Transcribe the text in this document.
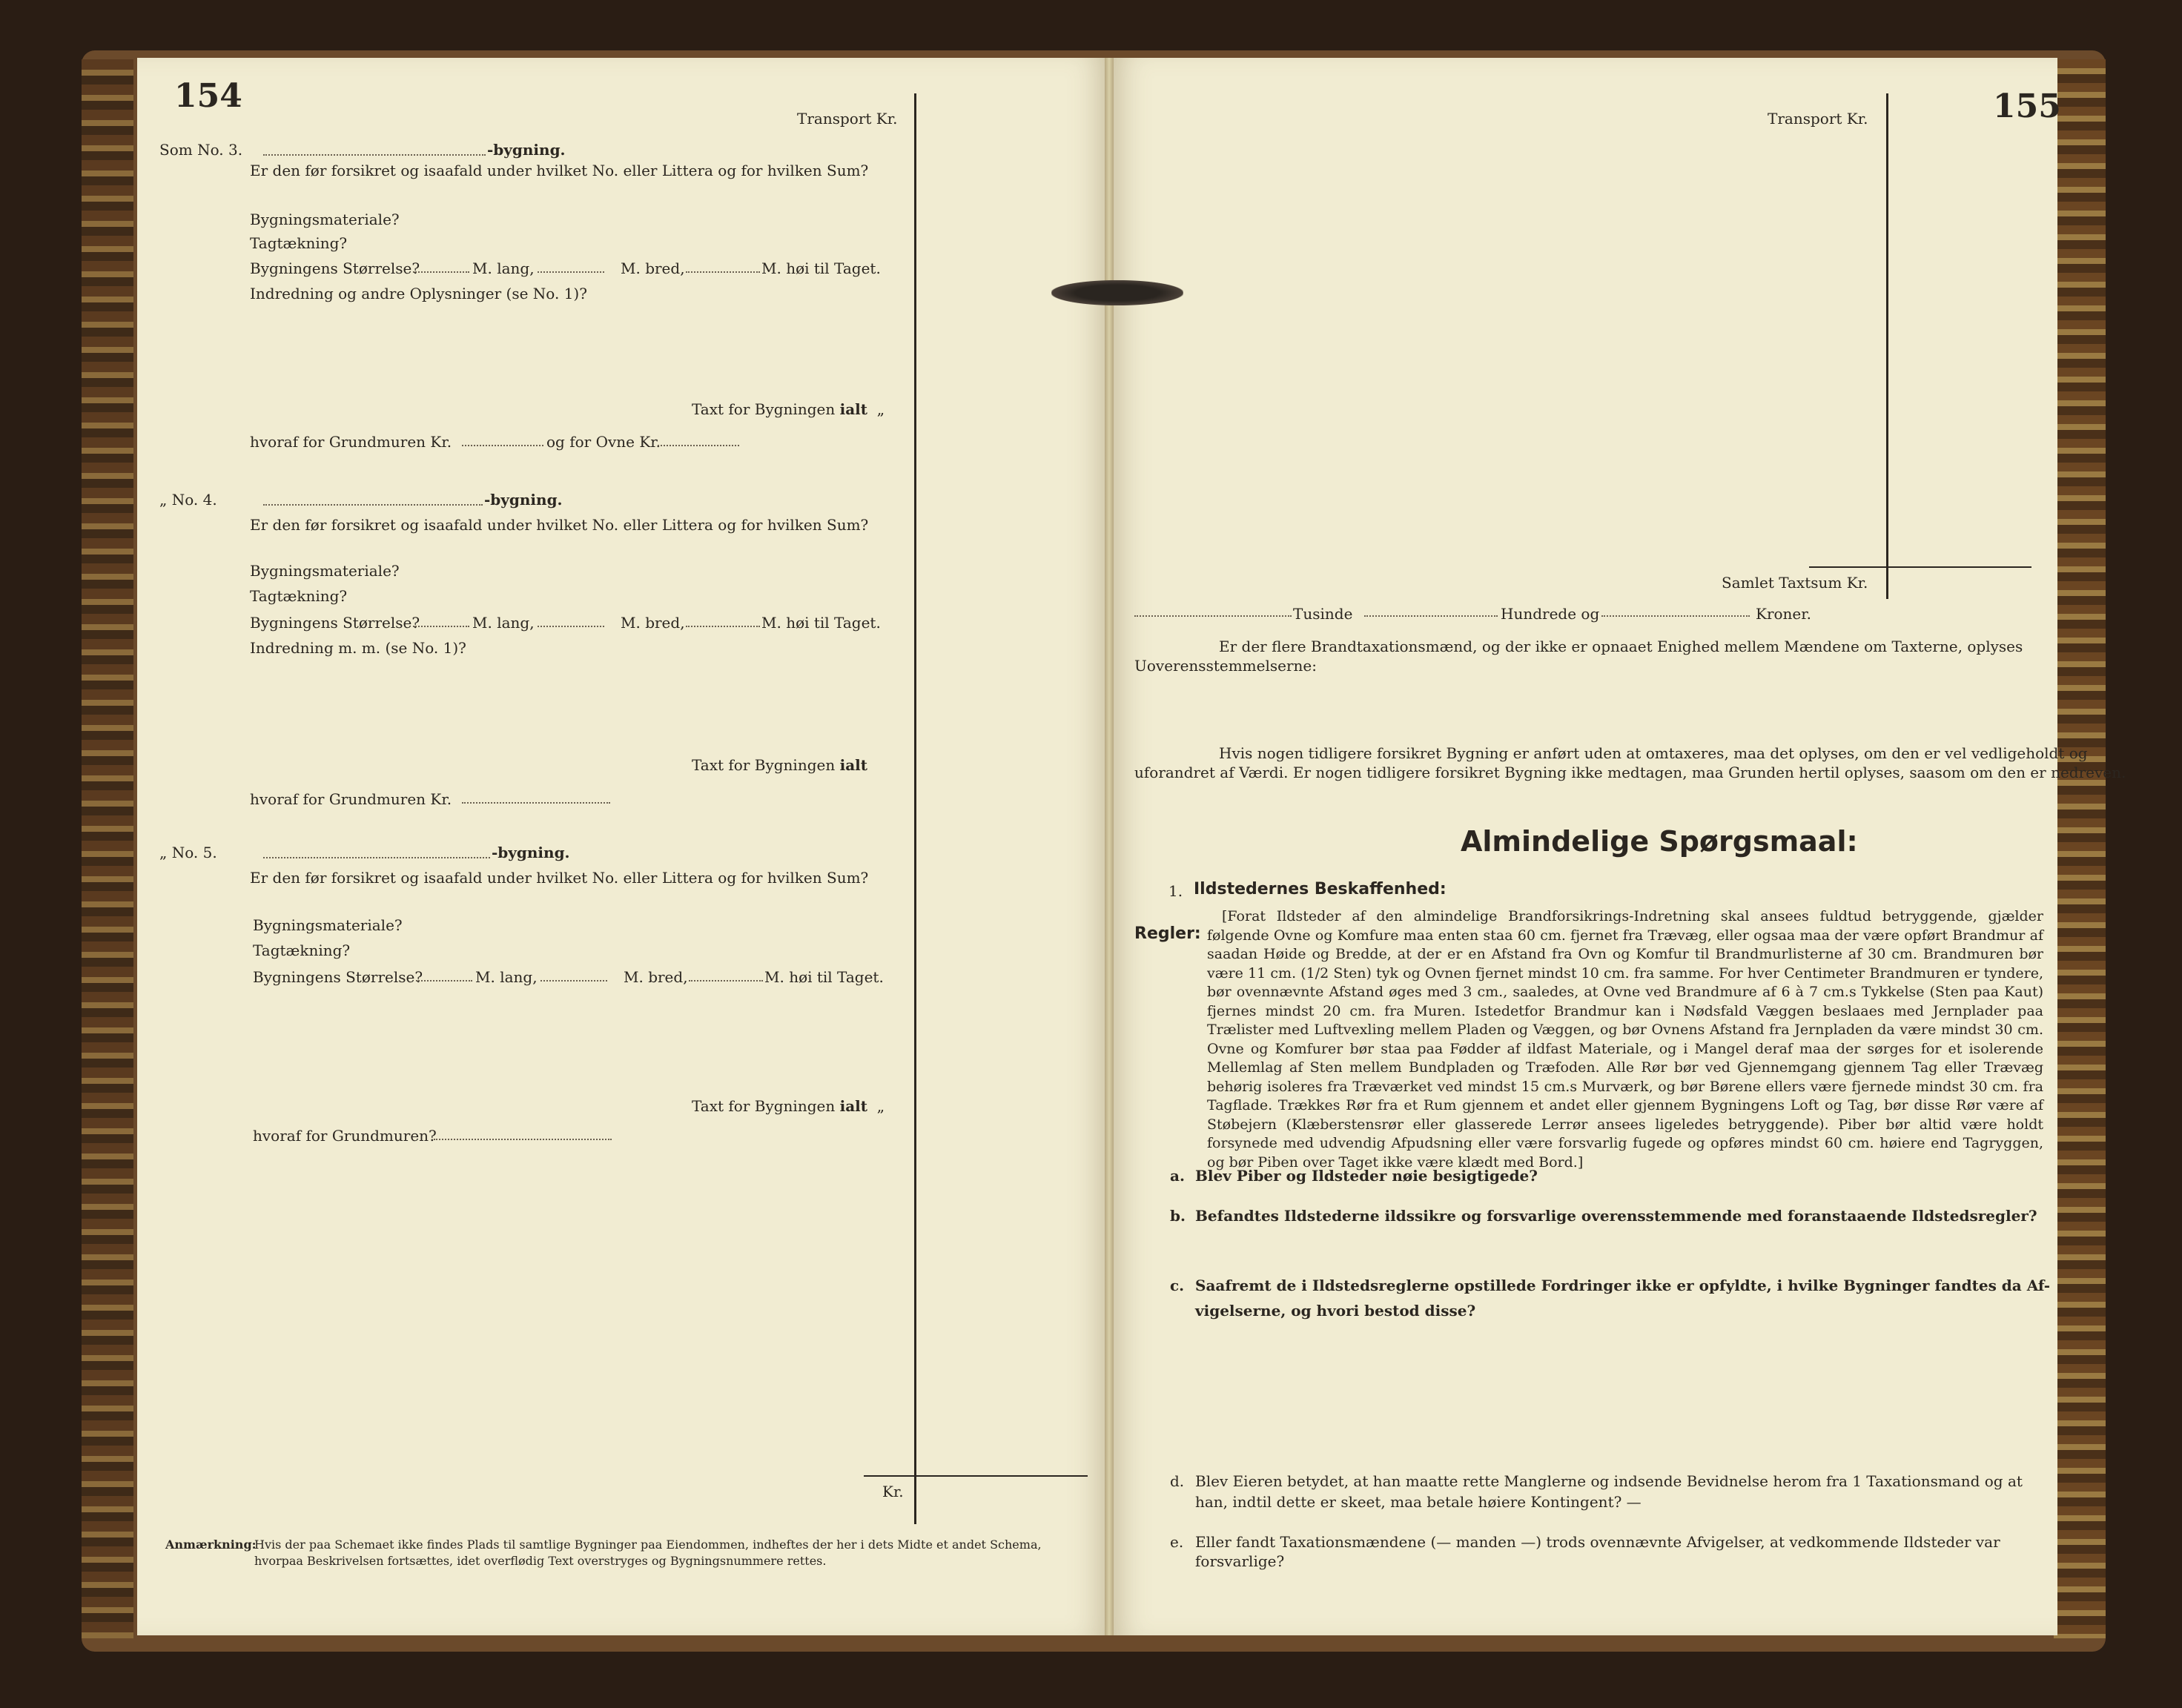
154
Transport Kr.
Som No. 3.	-bygning.
Er den før forsikret og isaafald under hvilket No. eller Littera og for hvilken Sum?
Bygningsmateriale?
Tagtækning?
Bygningens Størrelse?	M. lang,	M. bred,	M. høi til Taget.
Indredning og andre Oplysninger (se No. 1)?
Taxt for Bygningen ialt „
hvoraf for Grundmuren Kr.	og for Ovne Kr.
„ No. 4.	-bygning.
Er den før forsikret og isaafald under hvilket No. eller Littera og for hvilken Sum?
Bygningsmateriale?
Tagtækning?
Bygningens Størrelse?	M. lang,	M. bred,	M. høi til Taget.
Indredning m. m. (se No. 1)?
Taxt for Bygningen ialt
hvoraf for Grundmuren Kr.
„ No. 5.	-bygning.
Er den før forsikret og isaafald under hvilket No. eller Littera og for hvilken Sum?
Bygningsmateriale?
Tagtækning?
Bygningens Størrelse?	M. lang,	M. bred,	M. høi til Taget.
Taxt for Bygningen ialt „
hvoraf for Grundmuren?
Kr.
Anmærkning:
Hvis der paa Schemaet ikke findes Plads til samtlige Bygninger paa Eiendommen, indheftes der her i dets Midte et andet Schema,
hvorpaa Beskrivelsen fortsættes, idet overflødig Text overstryges og Bygningsnummere rettes.
155
Transport Kr.
Samlet Taxtsum Kr.
Tusinde	Hundrede og	Kroner.
Er der flere Brandtaxationsmænd, og der ikke er opnaaet Enighed mellem Mændene om Taxterne, oplyses
Uoverensstemmelserne:
Hvis nogen tidligere forsikret Bygning er anført uden at omtaxeres, maa det oplyses, om den er vel vedligeholdt og
uforandret af Værdi. Er nogen tidligere forsikret Bygning ikke medtagen, maa Grunden hertil oplyses, saasom om den er nedreven.
Almindelige Spørgsmaal:
1. Ildstedernes Beskaffenhed:
Regler:
[Forat Ildsteder af den almindelige Brandforsikrings-Indretning skal ansees fuldtud betryggende, gjælder følgende Ovne og Komfure maa enten staa 60 cm. fjernet fra Trævæg, eller ogsaa maa der være opført Brandmur af saadan Høide og Bredde, at der er en Afstand fra Ovn og Komfur til Brandmurlisterne af 30 cm. Brandmuren bør være 11 cm. (1/2 Sten) tyk og Ovnen fjernet mindst 10 cm. fra samme. For hver Centimeter Brandmuren er tyndere, bør ovennævnte Afstand øges med 3 cm., saaledes, at Ovne ved Brandmure af 6 à 7 cm.s Tykkelse (Sten paa Kaut) fjernes mindst 20 cm. fra Muren. Istedetfor Brandmur kan i Nødsfald Væggen beslaaes med Jernplader paa Trælister med Luftvexling mellem Pladen og Væggen, og bør Ovnens Afstand fra Jernpladen da være mindst 30 cm. Ovne og Komfurer bør staa paa Fødder af ildfast Materiale, og i Mangel deraf maa der sørges for et isolerende Mellemlag af Sten mellem Bundpladen og Træfoden. Alle Rør bør ved Gjennemgang gjennem Tag eller Trævæg behørig isoleres fra Træværket ved mindst 15 cm.s Murværk, og bør Børene ellers være fjernede mindst 30 cm. fra Tagflade. Trækkes Rør fra et Rum gjennem et andet eller gjennem Bygningens Loft og Tag, bør disse Rør være af Støbejern (Klæberstensrør eller glasserede Lerrør ansees ligeledes betryggende). Piber bør altid være holdt forsynede med udvendig Afpudsning eller være forsvarlig fugede og opføres mindst 60 cm. høiere end Tagryggen, og bør Piben over Taget ikke være klædt med Bord.]
a. Blev Piber og Ildsteder nøie besigtigede?
b. Befandtes Ildstederne ildssikre og forsvarlige overensstemmende med foranstaaende Ildstedsregler?
c. Saafremt de i Ildstedsreglerne opstillede Fordringer ikke er opfyldte, i hvilke Bygninger fandtes da Af-
vigelserne, og hvori bestod disse?
d. Blev Eieren betydet, at han maatte rette Manglerne og indsende Bevidnelse herom fra 1 Taxationsmand og at
han, indtil dette er skeet, maa betale høiere Kontingent? —
e. Eller fandt Taxationsmændene (— manden —) trods ovennævnte Afvigelser, at vedkommende Ildsteder var
forsvarlige?
